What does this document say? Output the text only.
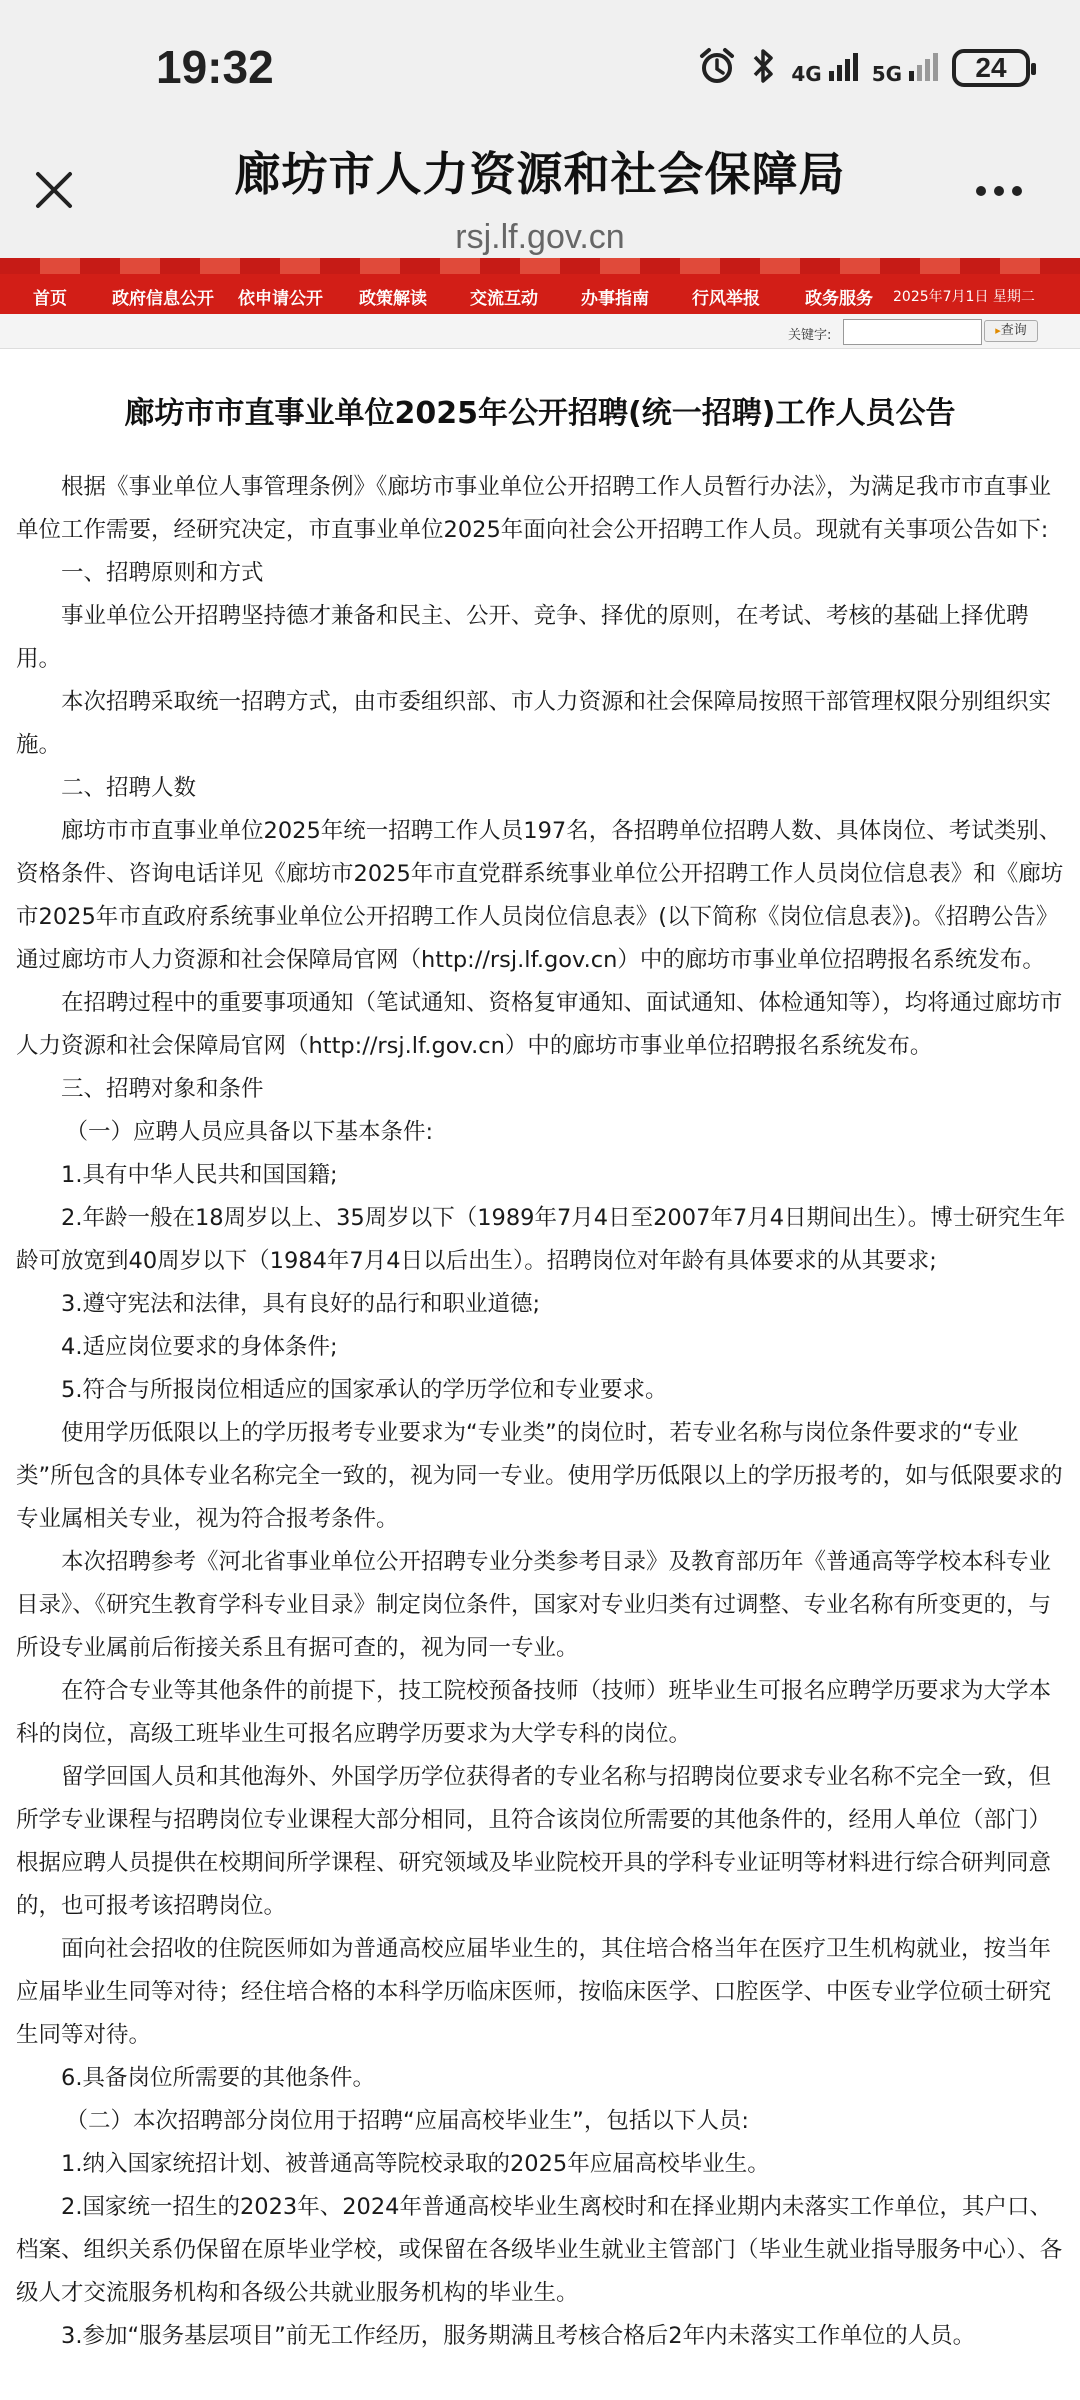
19:32	4G	5G	24
廊坊市人力资源和社会保障局
rsj.lf.gov.cn
首页	政府信息公开 依申请公开 政策解读	交流互动	办事指南	行风举报	政务服务 2025年7月1日 星期二
关键字:	▸查询
廊坊市市直事业单位2025年公开招聘(统一招聘)工作人员公告

根据《事业单位人事管理条例》《廊坊市事业单位公开招聘工作人员暂行办法》，为满足我市市直事业单位工作需要，经研究决定，市直事业单位2025年面向社会公开招聘工作人员。现就有关事项公告如下:

一、招聘原则和方式

事业单位公开招聘坚持德才兼备和民主、公开、竞争、择优的原则，在考试、考核的基础上择优聘用。

本次招聘采取统一招聘方式，由市委组织部、市人力资源和社会保障局按照干部管理权限分别组织实施。

二、招聘人数

廊坊市市直事业单位2025年统一招聘工作人员197名，各招聘单位招聘人数、具体岗位、考试类别、资格条件、咨询电话详见《廊坊市2025年市直党群系统事业单位公开招聘工作人员岗位信息表》和《廊坊市2025年市直政府系统事业单位公开招聘工作人员岗位信息表》(以下简称《岗位信息表》)。《招聘公告》通过廊坊市人力资源和社会保障局官网（http://rsj.lf.gov.cn）中的廊坊市事业单位招聘报名系统发布。

在招聘过程中的重要事项通知（笔试通知、资格复审通知、面试通知、体检通知等），均将通过廊坊市人力资源和社会保障局官网（http://rsj.lf.gov.cn）中的廊坊市事业单位招聘报名系统发布。

三、招聘对象和条件

（一）应聘人员应具备以下基本条件:

1.具有中华人民共和国国籍;

2.年龄一般在18周岁以上、35周岁以下（1989年7月4日至2007年7月4日期间出生）。博士研究生年龄可放宽到40周岁以下（1984年7月4日以后出生）。招聘岗位对年龄有具体要求的从其要求;

3.遵守宪法和法律，具有良好的品行和职业道德;

4.适应岗位要求的身体条件;

5.符合与所报岗位相适应的国家承认的学历学位和专业要求。

使用学历低限以上的学历报考专业要求为“专业类”的岗位时，若专业名称与岗位条件要求的“专业类”所包含的具体专业名称完全一致的，视为同一专业。使用学历低限以上的学历报考的，如与低限要求的专业属相关专业，视为符合报考条件。

本次招聘参考《河北省事业单位公开招聘专业分类参考目录》及教育部历年《普通高等学校本科专业目录》、《研究生教育学科专业目录》制定岗位条件，国家对专业归类有过调整、专业名称有所变更的，与所设专业属前后衔接关系且有据可查的，视为同一专业。

在符合专业等其他条件的前提下，技工院校预备技师（技师）班毕业生可报名应聘学历要求为大学本科的岗位，高级工班毕业生可报名应聘学历要求为大学专科的岗位。

留学回国人员和其他海外、外国学历学位获得者的专业名称与招聘岗位要求专业名称不完全一致，但所学专业课程与招聘岗位专业课程大部分相同，且符合该岗位所需要的其他条件的，经用人单位（部门）根据应聘人员提供在校期间所学课程、研究领域及毕业院校开具的学科专业证明等材料进行综合研判同意的，也可报考该招聘岗位。

面向社会招收的住院医师如为普通高校应届毕业生的，其住培合格当年在医疗卫生机构就业，按当年应届毕业生同等对待；经住培合格的本科学历临床医师，按临床医学、口腔医学、中医专业学位硕士研究生同等对待。

6.具备岗位所需要的其他条件。

（二）本次招聘部分岗位用于招聘“应届高校毕业生”，包括以下人员:

1.纳入国家统招计划、被普通高等院校录取的2025年应届高校毕业生。

2.国家统一招生的2023年、2024年普通高校毕业生离校时和在择业期内未落实工作单位，其户口、档案、组织关系仍保留在原毕业学校，或保留在各级毕业生就业主管部门（毕业生就业指导服务中心）、各级人才交流服务机构和各级公共就业服务机构的毕业生。

3.参加“服务基层项目”前无工作经历，服务期满且考核合格后2年内未落实工作单位的人员。
